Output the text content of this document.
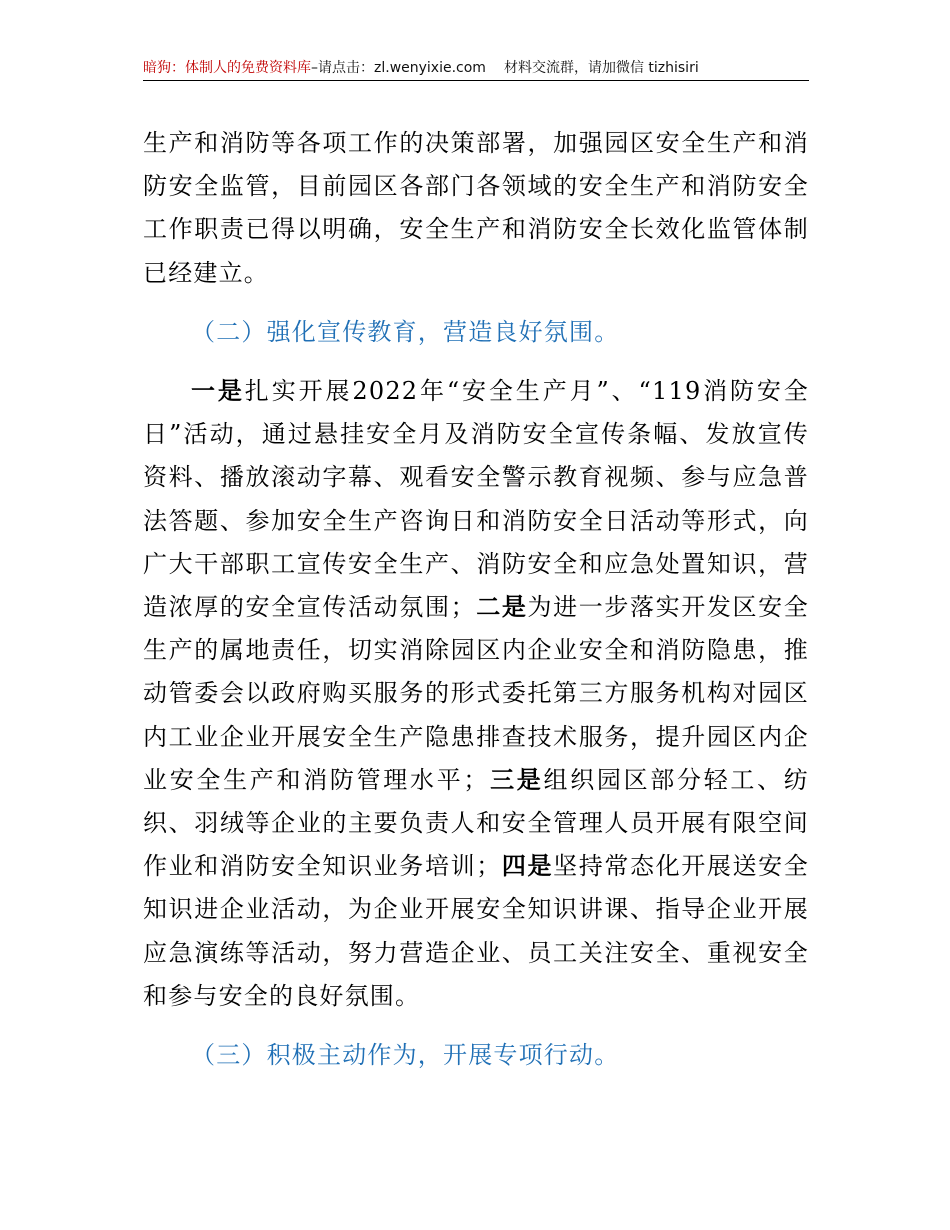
暗狗：体制人的免费资料库–请点击：zl.wenyixie.com 材料交流群，请加微信 tizhisiri

生产和消防等各项工作的决策部署，加强园区安全生产和消防安全监管，目前园区各部门各领域的安全生产和消防安全工作职责已得以明确，安全生产和消防安全长效化监管体制已经建立。

（二）强化宣传教育，营造良好氛围。

一是扎实开展2022年“安全生产月”、“119消防安全日”活动，通过悬挂安全月及消防安全宣传条幅、发放宣传资料、播放滚动字幕、观看安全警示教育视频、参与应急普法答题、参加安全生产咨询日和消防安全日活动等形式，向广大干部职工宣传安全生产、消防安全和应急处置知识，营造浓厚的安全宣传活动氛围；二是为进一步落实开发区安全生产的属地责任，切实消除园区内企业安全和消防隐患，推动管委会以政府购买服务的形式委托第三方服务机构对园区内工业企业开展安全生产隐患排查技术服务，提升园区内企业安全生产和消防管理水平；三是组织园区部分轻工、纺织、羽绒等企业的主要负责人和安全管理人员开展有限空间作业和消防安全知识业务培训；四是坚持常态化开展送安全知识进企业活动，为企业开展安全知识讲课、指导企业开展应急演练等活动，努力营造企业、员工关注安全、重视安全和参与安全的良好氛围。

（三）积极主动作为，开展专项行动。
